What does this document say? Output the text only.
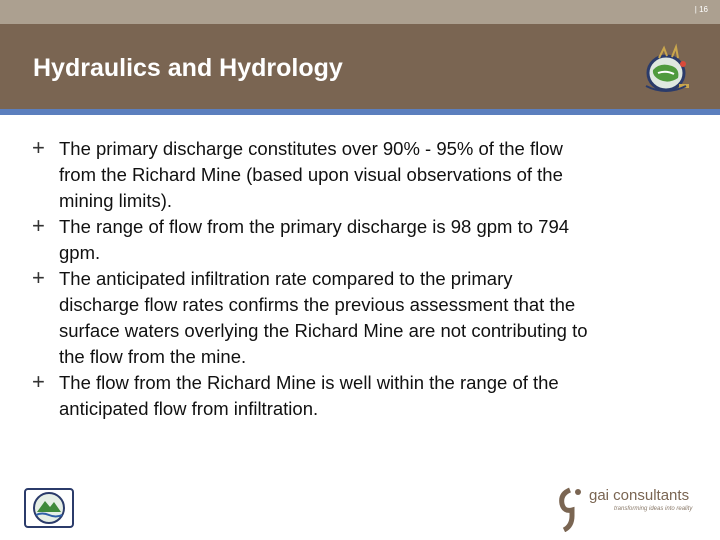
| 16
Hydraulics and Hydrology
+ The primary discharge constitutes over 90% - 95% of the flow
from the Richard Mine (based upon visual observations of the
mining limits).
+ The range of flow from the primary discharge is 98 gpm to 794
gpm.
+ The anticipated infiltration rate compared to the primary
discharge flow rates confirms the previous assessment that the
surface waters overlying the Richard Mine are not contributing to
the flow from the mine.
+ The flow from the Richard Mine is well within the range of the
anticipated flow from infiltration.
gai consultants
transforming ideas into reality
